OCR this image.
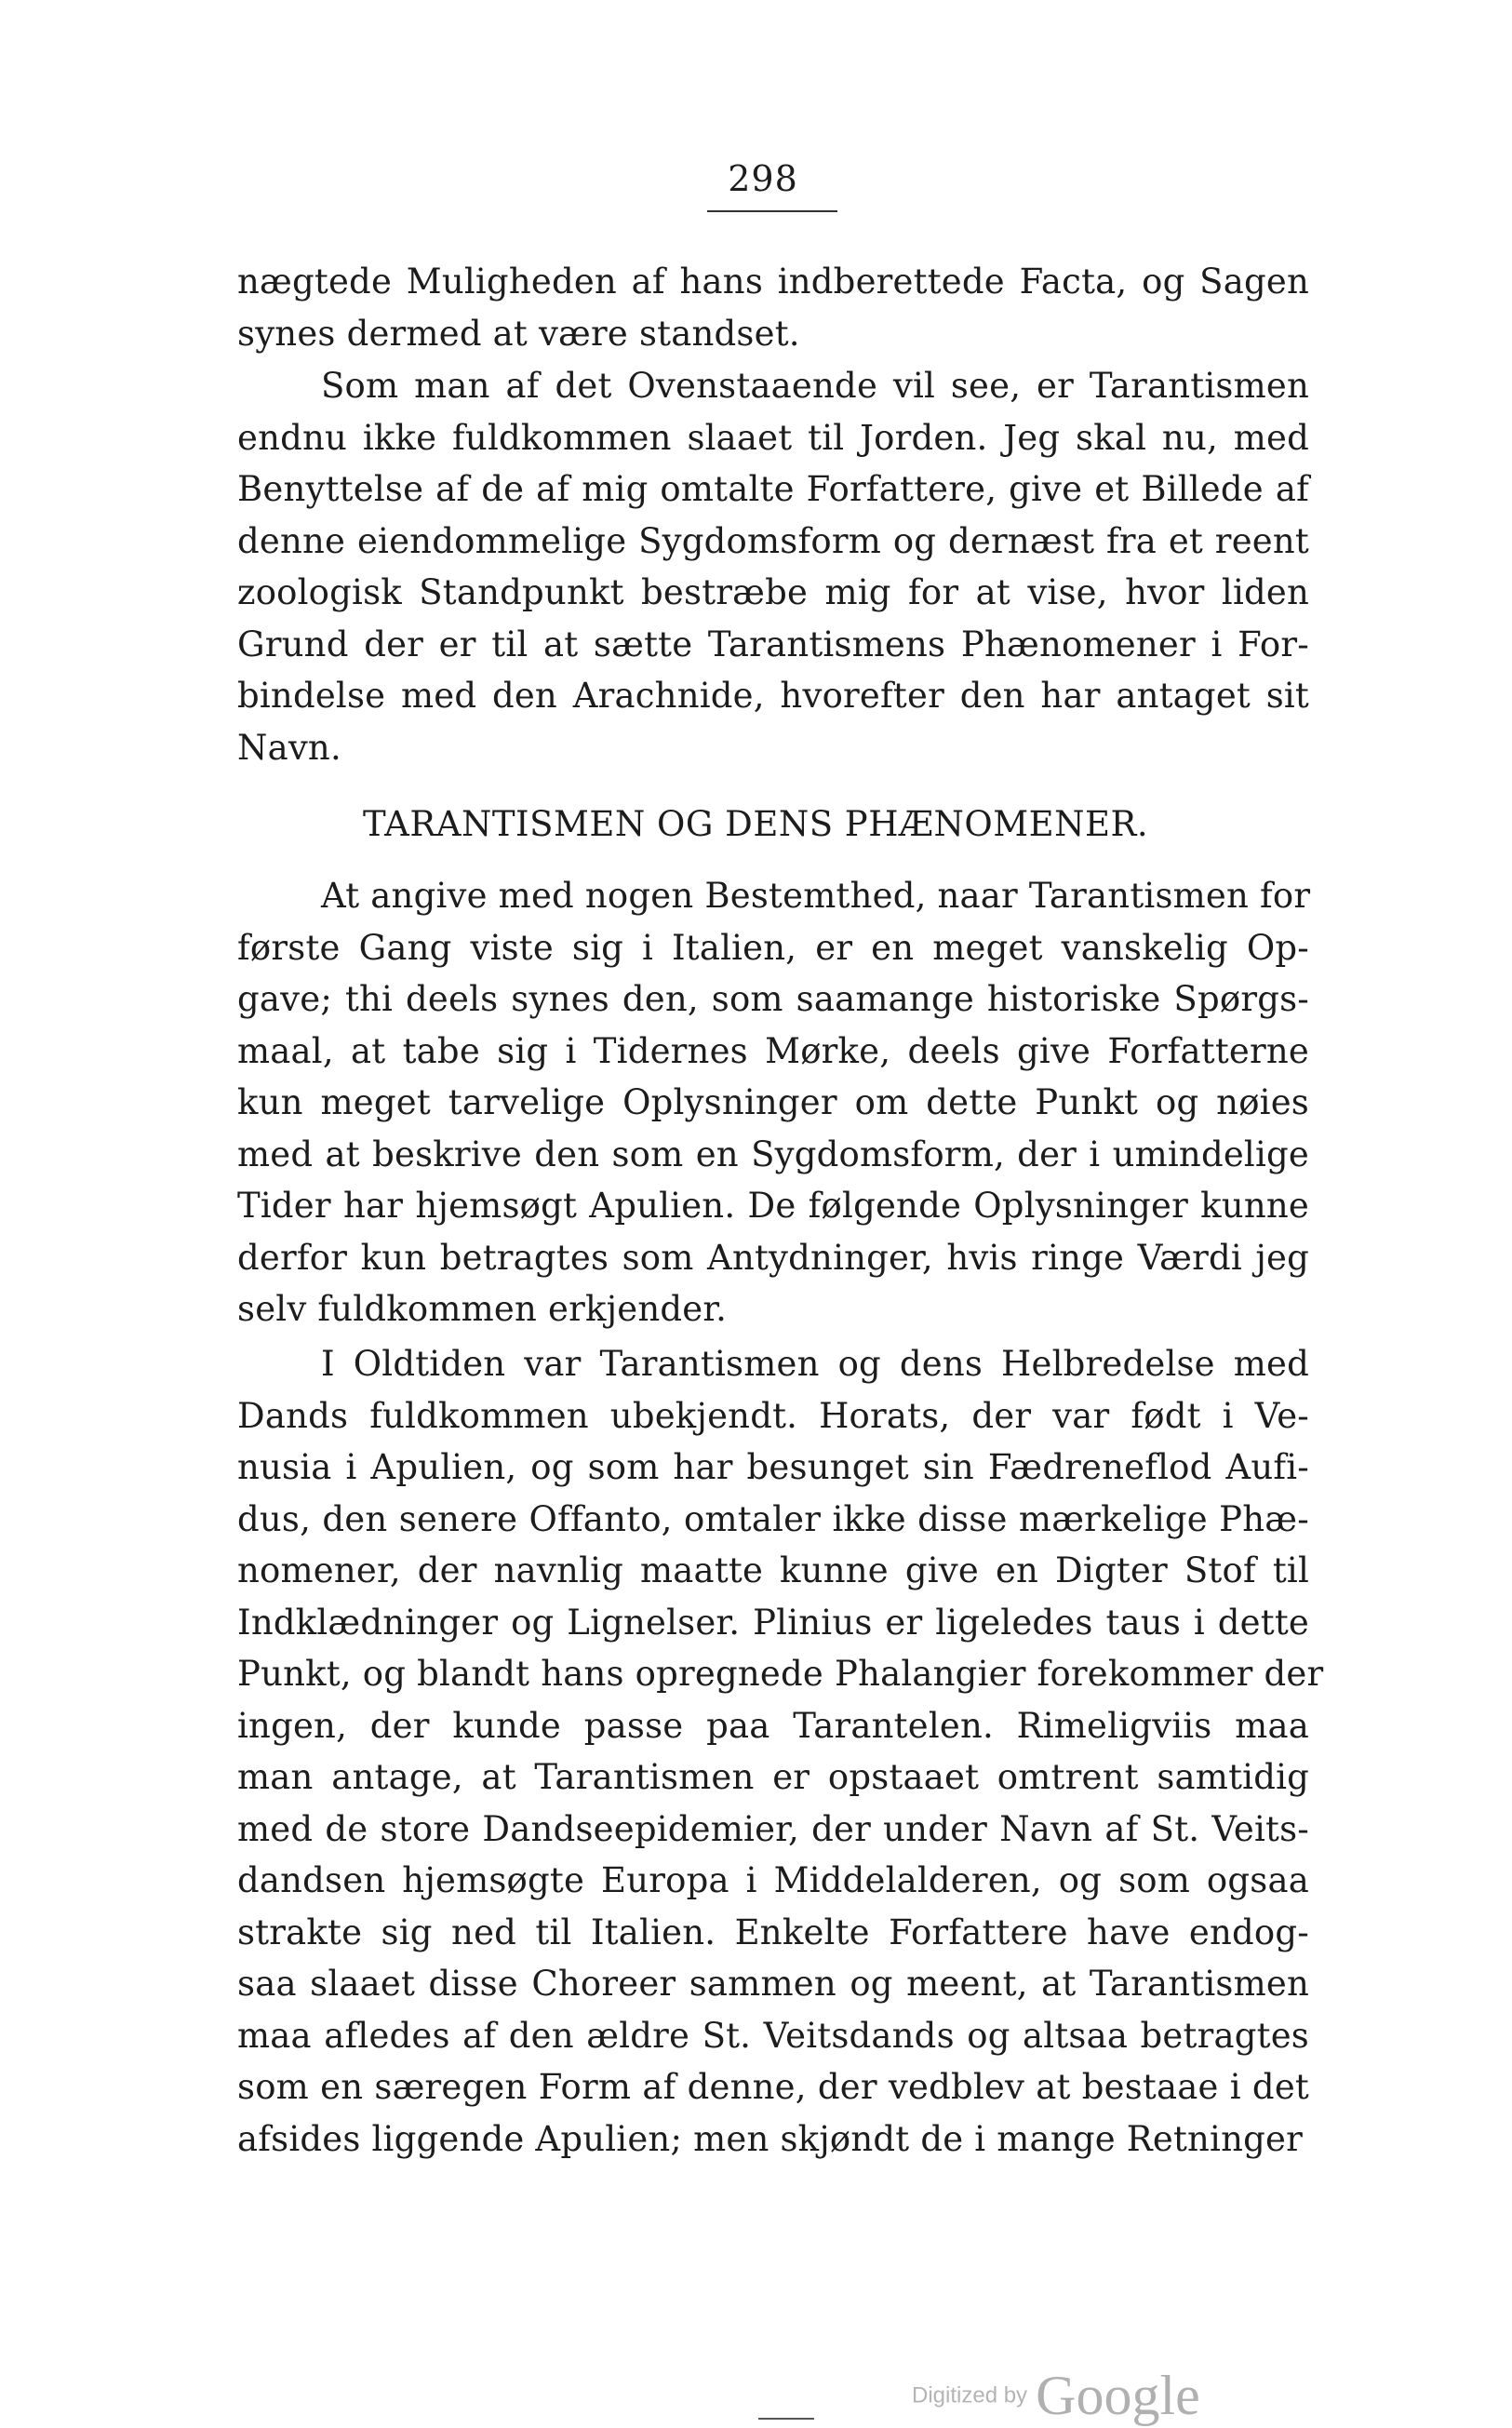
298
nægtede Muligheden af hans indberettede Facta, og Sagen
synes dermed at være standset.
Som man af det Ovenstaaende vil see, er Tarantismen
endnu ikke fuldkommen slaaet til Jorden. Jeg skal nu, med
Benyttelse af de af mig omtalte Forfattere, give et Billede af
denne eiendommelige Sygdomsform og dernæst fra et reent
zoologisk Standpunkt bestræbe mig for at vise, hvor liden
Grund der er til at sætte Tarantismens Phænomener i For-
bindelse med den Arachnide, hvorefter den har antaget sit
Navn.
At angive med nogen Bestemthed, naar Tarantismen for
første Gang viste sig i Italien, er en meget vanskelig Op-
gave; thi deels synes den, som saamange historiske Spørgs-
maal, at tabe sig i Tidernes Mørke, deels give Forfatterne
kun meget tarvelige Oplysninger om dette Punkt og nøies
med at beskrive den som en Sygdomsform, der i umindelige
Tider har hjemsøgt Apulien. De følgende Oplysninger kunne
derfor kun betragtes som Antydninger, hvis ringe Værdi jeg
selv fuldkommen erkjender.
I Oldtiden var Tarantismen og dens Helbredelse med
Dands fuldkommen ubekjendt. Horats, der var født i Ve-
nusia i Apulien, og som har besunget sin Fædreneflod Aufi-
dus, den senere Offanto, omtaler ikke disse mærkelige Phæ-
nomener, der navnlig maatte kunne give en Digter Stof til
Indklædninger og Lignelser. Plinius er ligeledes taus i dette
Punkt, og blandt hans opregnede Phalangier forekommer der
ingen, der kunde passe paa Tarantelen. Rimeligviis maa
man antage, at Tarantismen er opstaaet omtrent samtidig
med de store Dandseepidemier, der under Navn af St. Veits-
dandsen hjemsøgte Europa i Middelalderen, og som ogsaa
strakte sig ned til Italien. Enkelte Forfattere have endog-
saa slaaet disse Choreer sammen og meent, at Tarantismen
maa afledes af den ældre St. Veitsdands og altsaa betragtes
som en særegen Form af denne, der vedblev at bestaae i det
afsides liggende Apulien; men skjøndt de i mange Retninger
TARANTISMEN OG DENS PHÆNOMENER.
Digitized by Google
